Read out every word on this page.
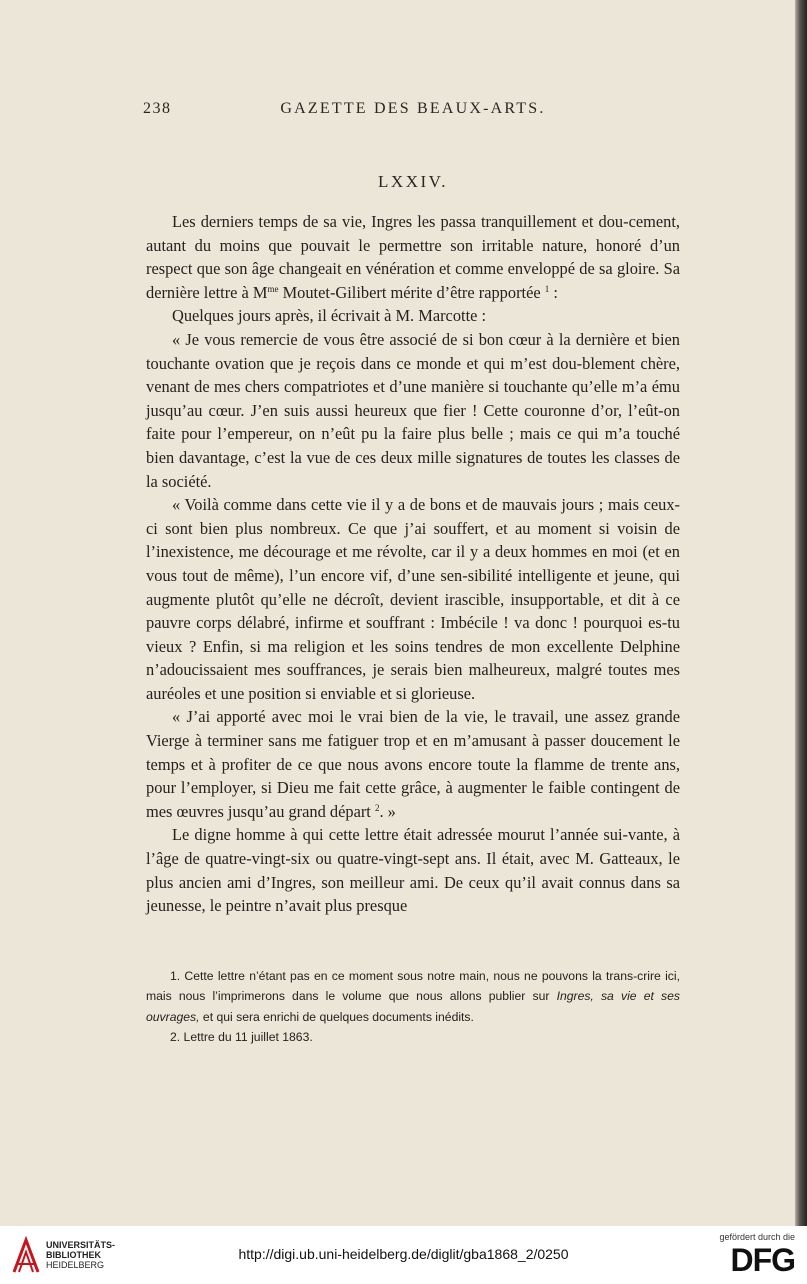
238	GAZETTE DES BEAUX-ARTS.
LXXIV.

Les derniers temps de sa vie, Ingres les passa tranquillement et dou-cement, autant du moins que pouvait le permettre son irritable nature, honoré d’un respect que son âge changeait en vénération et comme enveloppé de sa gloire. Sa dernière lettre à $M^{me}$ Moutet-Gilibert mérite d’être rapportée $^1$ :

Quelques jours après, il écrivait à M. Marcotte :

« Je vous remercie de vous être associé de si bon cœur à la dernière et bien touchante ovation que je reçois dans ce monde et qui m’est dou-blement chère, venant de mes chers compatriotes et d’une manière si touchante qu’elle m’a ému jusqu’au cœur. J’en suis aussi heureux que fier ! Cette couronne d’or, l’eût-on faite pour l’empereur, on n’eût pu la faire plus belle ; mais ce qui m’a touché bien davantage, c’est la vue de ces deux mille signatures de toutes les classes de la société.

« Voilà comme dans cette vie il y a de bons et de mauvais jours ; mais ceux-ci sont bien plus nombreux. Ce que j’ai souffert, et au moment si voisin de l’inexistence, me décourage et me révolte, car il y a deux hommes en moi (et en vous tout de même), l’un encore vif, d’une sen-sibilité intelligente et jeune, qui augmente plutôt qu’elle ne décroît, devient irascible, insupportable, et dit à ce pauvre corps délabré, infirme et souffrant : Imbécile ! va donc ! pourquoi es-tu vieux ? Enfin, si ma religion et les soins tendres de mon excellente Delphine n’adoucissaient mes souffrances, je serais bien malheureux, malgré toutes mes auréoles et une position si enviable et si glorieuse.

« J’ai apporté avec moi le vrai bien de la vie, le travail, une assez grande Vierge à terminer sans me fatiguer trop et en m’amusant à passer doucement le temps et à profiter de ce que nous avons encore toute la flamme de trente ans, pour l’employer, si Dieu me fait cette grâce, à augmenter le faible contingent de mes œuvres jusqu’au grand départ $^2$. »

Le digne homme à qui cette lettre était adressée mourut l’année sui-vante, à l’âge de quatre-vingt-six ou quatre-vingt-sept ans. Il était, avec M. Gatteaux, le plus ancien ami d’Ingres, son meilleur ami. De ceux qu’il avait connus dans sa jeunesse, le peintre n’avait plus presque

1. Cette lettre n’étant pas en ce moment sous notre main, nous ne pouvons la trans-crire ici, mais nous l’imprimerons dans le volume que nous allons publier sur Ingres, sa vie et ses ouvrages, et qui sera enrichi de quelques documents inédits.

2. Lettre du 11 juillet 1863.

UNIVERSITÄTS-
BIBLIOTHEK
HEIDELBERG
http://digi.ub.uni-heidelberg.de/diglit/gba1868_2/0250
gefördert durch die
DFG
